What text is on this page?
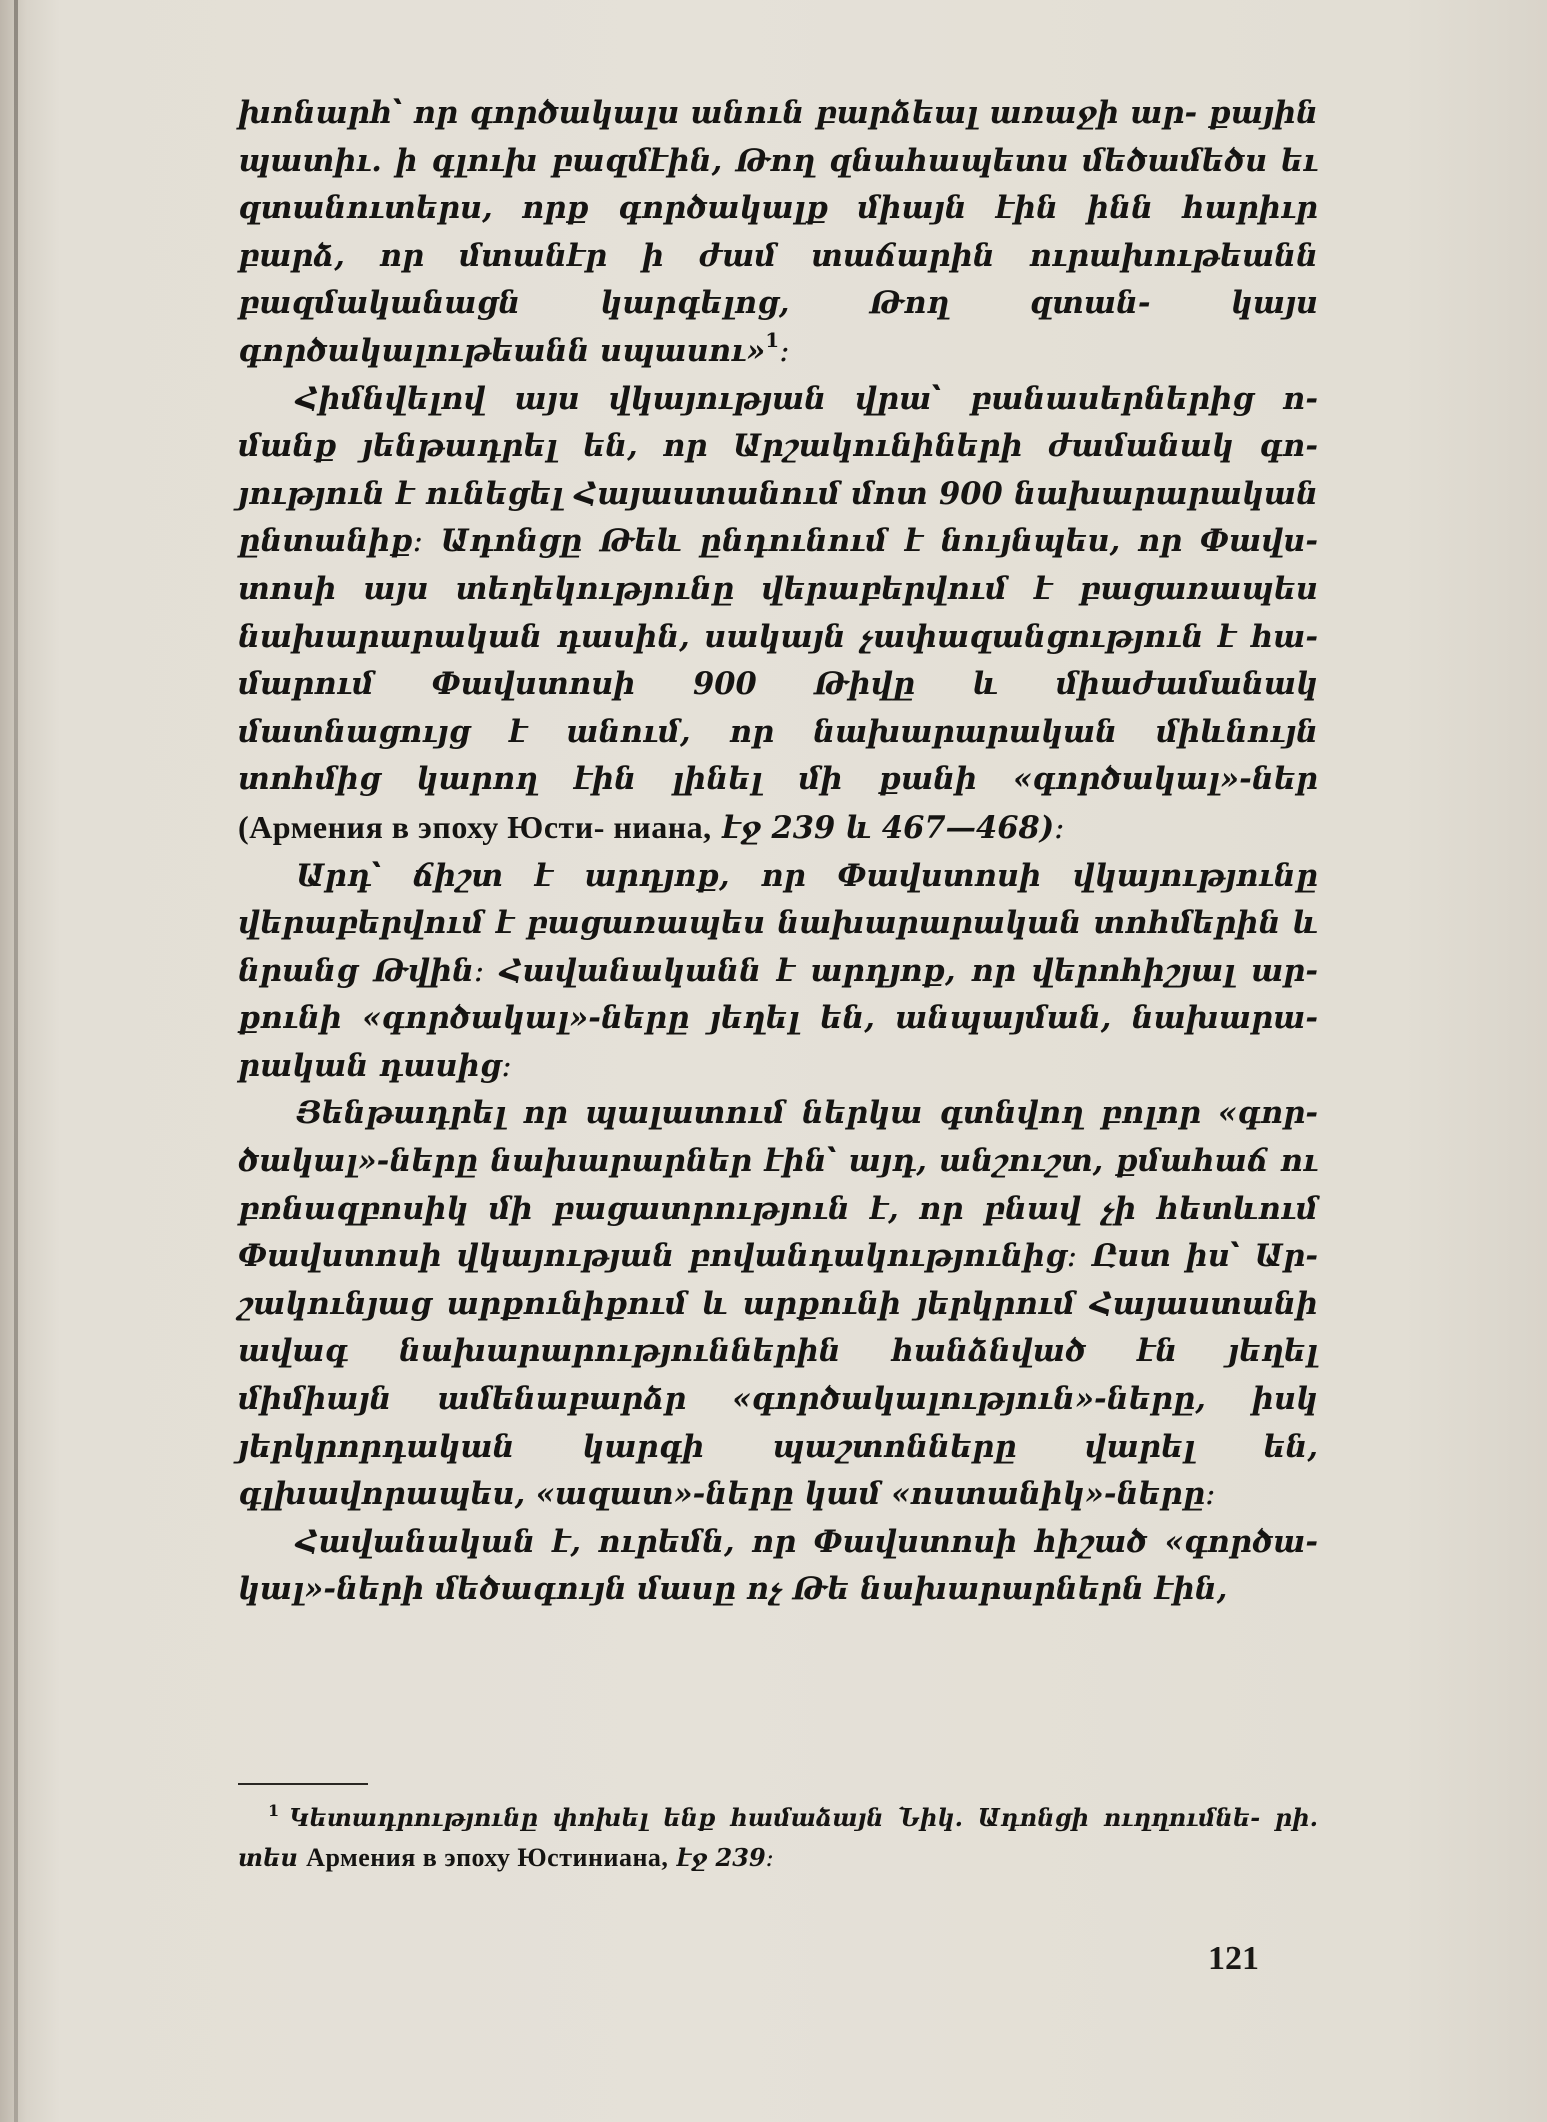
խոնարհ՝ որ գործակալս անուն բարձեալ առաջի ար- քային պատիւ. ի գլուխ բազմէին, Թող զնահապետս մեծամեծս եւ զտանուտերս, որք գործակալք միայն էին ինն հարիւր բարձ, որ մտանէր ի ժամ տաճարին ուրախութեանն բազմականացն կարգելոց, Թող զտան- կայս գործակալութեանն սպասու»$^1$։

Հիմնվելով այս վկայության վրա՝ բանասերներից ո- մանք յենթադրել են, որ Արշակունիների ժամանակ գո- յություն է ունեցել Հայաստանում մոտ 900 նախարարական ընտանիք։ Ադոնցը Թեև ընդունում է նույնպես, որ Փավս- տոսի այս տեղեկությունը վերաբերվում է բացառապես նախարարական դասին, սակայն չափազանցություն է հա- մարում Փավստոսի 900 Թիվը և միաժամանակ մատնացույց է անում, որ նախարարական միևնույն տոհմից կարող էին լինել մի քանի «գործակալ»-ներ (Армения в эпоху Юсти- ниана, էջ 239 և 467—468)։

Արդ՝ ճիշտ է արդյոք, որ Փավստոսի վկայությունը վերաբերվում է բացառապես նախարարական տոհմերին և նրանց Թվին։ Հավանականն է արդյոք, որ վերոհիշյալ ար- քունի «գործակալ»-ները յեղել են, անպայման, նախարա- րական դասից։

Յենթադրել որ պալատում ներկա գտնվող բոլոր «գոր- ծակալ»-ները նախարարներ էին՝ այդ, անշուշտ, քմահաճ ու բռնազբոսիկ մի բացատրություն է, որ բնավ չի հետևում Փավստոսի վկայության բովանդակությունից։ Ըստ իս՝ Ար- շակունյաց արքունիքում և արքունի յերկրում Հայաստանի ավագ նախարարություններին հանձնված էն յեղել միմիայն ամենաբարձր «գործակալություն»-ները, իսկ յերկրորդական կարգի պաշտոնները վարել են, գլխավորապես, «ազատ»-ները կամ «ոստանիկ»-ները։

Հավանական է, ուրեմն, որ Փավստոսի հիշած «գործա- կալ»-ների մեծագույն մասը ոչ Թե նախարարներն էին,

$^1$ Կետադրությունը փոխել ենք համաձայն Նիկ. Ադոնցի ուղղումնե- րի. տես Армения в эпоху Юстиниана, էջ 239։
121
